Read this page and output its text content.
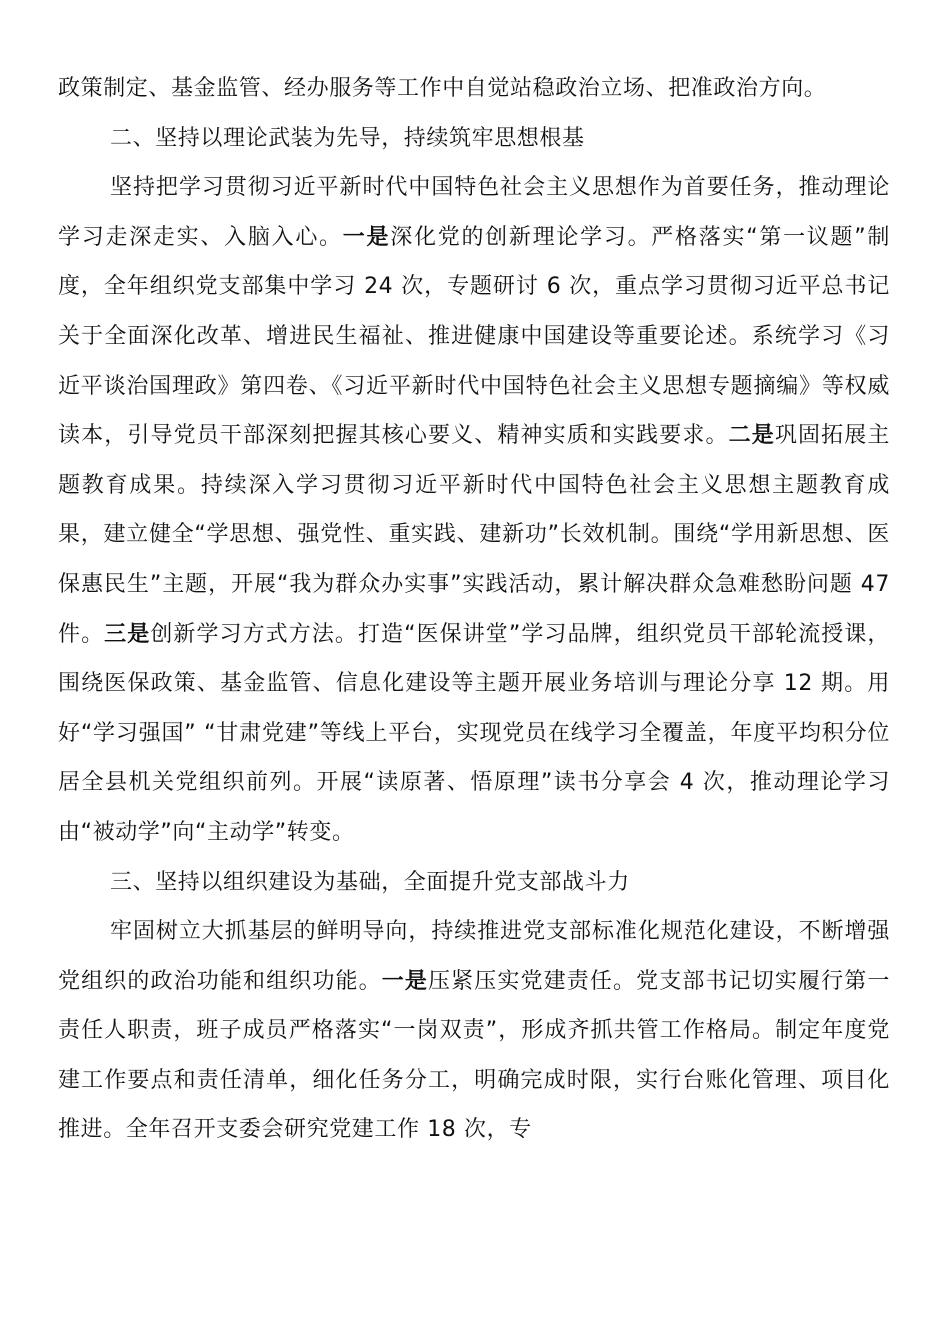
政策制定、基金监管、经办服务等工作中自觉站稳政治立场、把准政治方向。

二、坚持以理论武装为先导，持续筑牢思想根基

坚持把学习贯彻习近平新时代中国特色社会主义思想作为首要任务，推动理论学习走深走实、入脑入心。一是深化党的创新理论学习。严格落实“第一议题”制度，全年组织党支部集中学习 24 次，专题研讨 6 次，重点学习贯彻习近平总书记关于全面深化改革、增进民生福祉、推进健康中国建设等重要论述。系统学习《习近平谈治国理政》第四卷、《习近平新时代中国特色社会主义思想专题摘编》等权威读本，引导党员干部深刻把握其核心要义、精神实质和实践要求。二是巩固拓展主题教育成果。持续深入学习贯彻习近平新时代中国特色社会主义思想主题教育成果，建立健全“学思想、强党性、重实践、建新功”长效机制。围绕“学用新思想、医保惠民生”主题，开展“我为群众办实事”实践活动，累计解决群众急难愁盼问题 47 件。三是创新学习方式方法。打造“医保讲堂”学习品牌，组织党员干部轮流授课，围绕医保政策、基金监管、信息化建设等主题开展业务培训与理论分享 12 期。用好“学习强国” “甘肃党建”等线上平台，实现党员在线学习全覆盖，年度平均积分位居全县机关党组织前列。开展“读原著、悟原理”读书分享会 4 次，推动理论学习由“被动学”向“主动学”转变。

三、坚持以组织建设为基础，全面提升党支部战斗力

牢固树立大抓基层的鲜明导向，持续推进党支部标准化规范化建设，不断增强党组织的政治功能和组织功能。一是压紧压实党建责任。党支部书记切实履行第一责任人职责，班子成员严格落实“一岗双责”，形成齐抓共管工作格局。制定年度党建工作要点和责任清单，细化任务分工，明确完成时限，实行台账化管理、项目化推进。全年召开支委会研究党建工作 18 次，专
